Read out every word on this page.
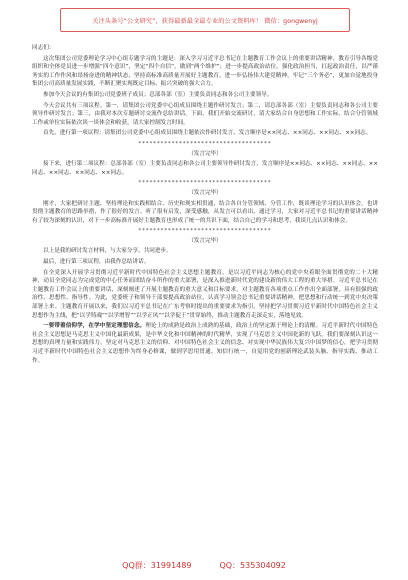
关注头条号“公文研究”，获得最新最全最专业的公文资料库！ 微信：gongwenyj

同志们：

这次集团公司党委理论学习中心组专题学习的主题是：深入学习习近平总书记在主题教育工作会议上的重要讲话精神、教育引导各级党组织和全体党员进一步增强“四个意识”，坚定“四个自信”，做到“两个维护”；进一步提高政治站位，强化政治担当，扛起政治责任，以严谨务实的工作作风和昂扬奋进的精神状态，坚持高标准高质量开展好主题教育，进一步弘扬伟大建党精神，牢记“三个务必”，更加自觉地投身集团公司高质量发展实践，不断汇聚实现既定目标、振兴突破的强大合力。

参加今天会议的有集团公司党委班子成员；总部各部（室）主要负责同志和各公司主要领导。

今天会议共有三项议程。第一，请集团公司党委中心组成员围绕主题作研讨发言；第二，请总部各部（室）主要负责同志和各公司主要领导作研讨发言；第三，由我对本次专题研讨交流作总结讲话。下面，我们开始交流研讨，请大家结合自身思想和工作实际，结合分管领域工作或单位实际依次谈一谈体会和收获，请大家控制发言时间。

首先，进行第一项议程：请集团公司党委中心组成员围绕主题依次作研讨发言，发言顺序是××同志、××同志、××同志、××同志。

************************************

（发言完毕）

接下来，进行第二项议程：总部各部（室）主要负责同志和各公司主要领导作研讨发言，发言顺序是××同志、××同志、××同志、××同志、××同志、××同志、××同志。

************************************

（发言完毕）

刚才，大家把研讨主题、坚持理论和实践相结合、历史和现实相贯通，结合各自分管领域、分管工作，既谈理论学习的认识体会，也讲贯彻主题教育的思路举措，作了很好的发言。听了很有启发，深受感触，从发言可以看出，通过学习，大家对习近平总书记的重要讲话精神有了较为深刻的认识，对下一步高标准开展好主题教育也形成了统一的共识下面，结合自己的学习和思考，我谈几点认识和体会。

************************************

（发言完毕）

以上是我的研讨发言材料，与大家分享，共同进步。

最后，进行第三项议程，由我作总结讲话。

在全党深入开展学习贯彻习近平新时代中国特色社会主义思想主题教育，是以习近平同志为核心的党中央着眼全面贯彻党的二十大精神，动员全党同志为完成党的中心任务而团结奋斗所作的重大部署，是深入推进新时代党的建设新的伟大工程的重大举措。习近平总书记在主题教育工作会议上的重要讲话，深刻阐述了开展主题教育的重大意义和目标要求，对主题教育各项重点工作作出全面部署，具有很强的政治性、思想性、指导性。为此，党委班子和领导干部要提高政治站位，认真学习领会总书记重要讲话精神，把思想和行动统一到党中央决策部署上来。主题教育开展以来，我们以习近平总书记在广东考察时提出的重要要求为指引，坚持把学习贯彻习近平新时代中国特色社会主义思想作为主线，把“以学铸魂”“以学增智”“以学正风”“以学促干”贯穿始终，推动主题教育走深走实，落地见效。

一要带着信仰学，在学中坚定理想信念。理论上的成熟是政治上成熟的基础，政治上的坚定源于理论上的清醒。习近平新时代中国特色社会主义思想是马克思主义中国化最新成果，是中华文化和中国精神的时代精华，实现了马克思主义中国化新的飞跃。我们要深刻认识这一思想的真理力量和实践伟力，坚定对马克思主义的信仰、对中国特色社会主义的信念、对实现中华民族伟大复兴中国梦的信心，把学习贯彻习近平新时代中国特色社会主义思想作为终身必修课，做到学思用贯通、知信行统一，自觉用党的创新理论武装头脑、指导实践、推动工作。

QQ群：31991489	QQ：535304092
